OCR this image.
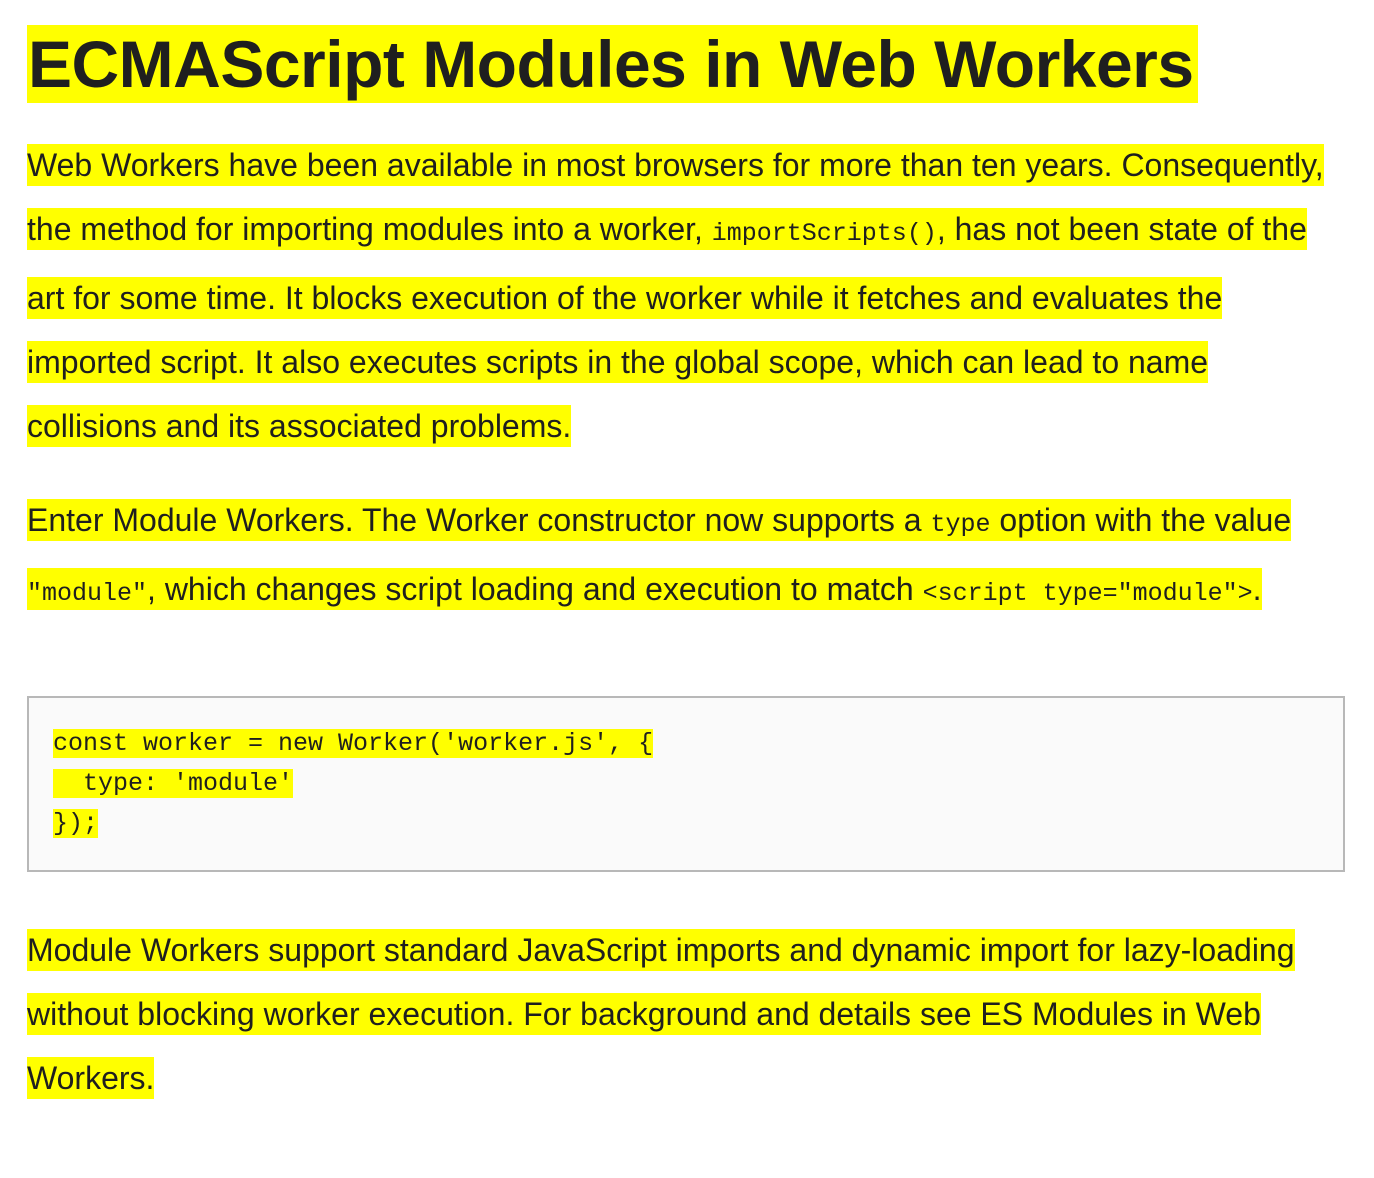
ECMAScript Modules in Web Workers

Web Workers have been available in most browsers for more than ten years. Consequently, the method for importing modules into a worker, importScripts(), has not been state of the art for some time. It blocks execution of the worker while it fetches and evaluates the imported script. It also executes scripts in the global scope, which can lead to name collisions and its associated problems.

Enter Module Workers. The Worker constructor now supports a type option with the value "module", which changes script loading and execution to match <script type="module">.

const worker = new Worker('worker.js', {
type: 'module'
});

Module Workers support standard JavaScript imports and dynamic import for lazy-loading without blocking worker execution. For background and details see ES Modules in Web Workers.
